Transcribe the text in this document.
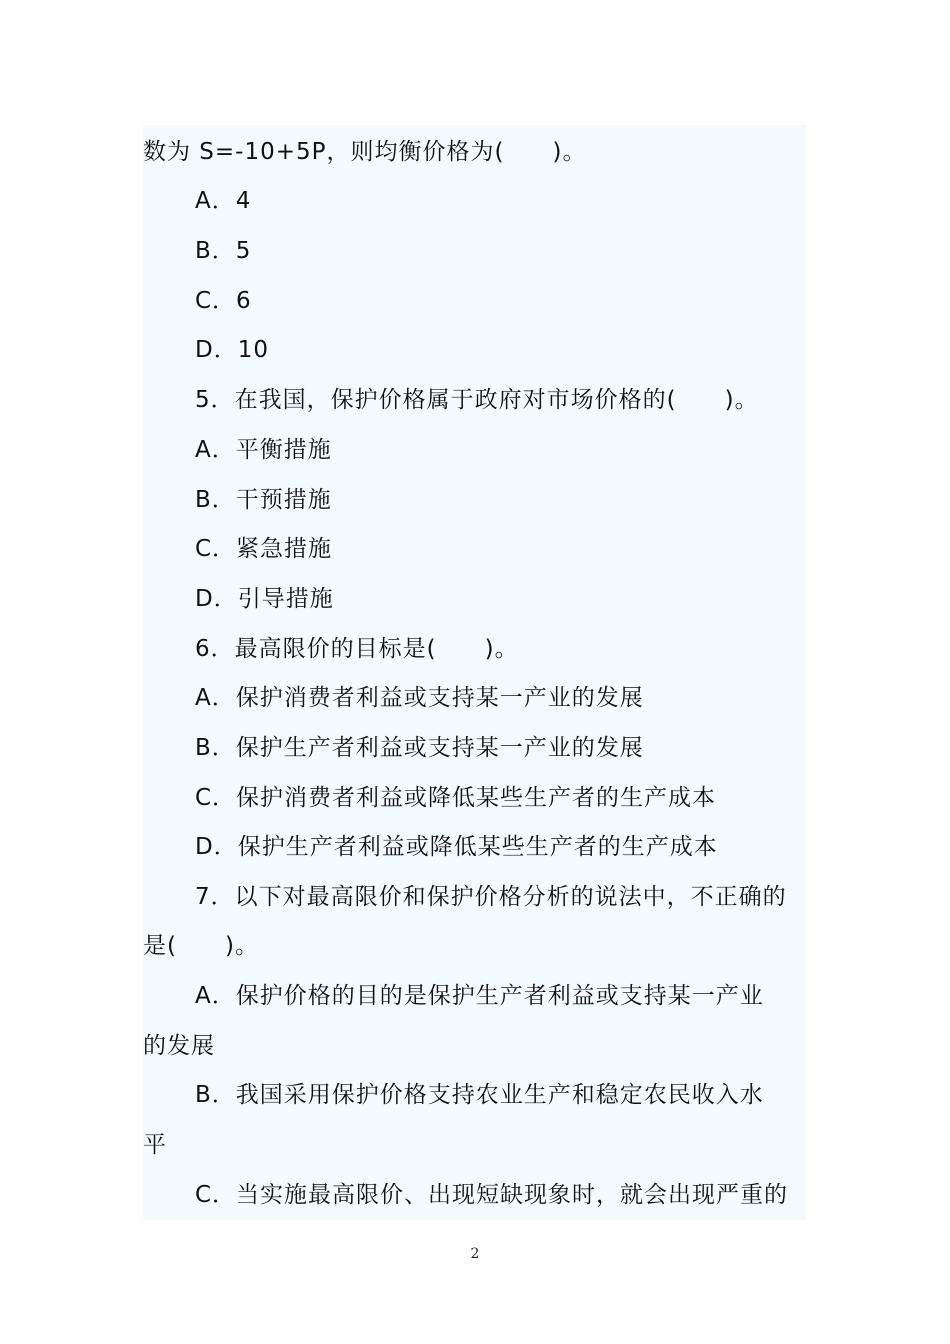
数为 S=-10+5P，则均衡价格为(　　)。
A．4
B．5
C．6
D．10
5．在我国，保护价格属于政府对市场价格的(　　)。
A．平衡措施
B．干预措施
C．紧急措施
D．引导措施
6．最高限价的目标是(　　)。
A．保护消费者利益或支持某一产业的发展
B．保护生产者利益或支持某一产业的发展
C．保护消费者利益或降低某些生产者的生产成本
D．保护生产者利益或降低某些生产者的生产成本
7．以下对最高限价和保护价格分析的说法中，不正确的
是(　　)。
A．保护价格的目的是保护生产者利益或支持某一产业
的发展
B．我国采用保护价格支持农业生产和稳定农民收入水
平
C．当实施最高限价、出现短缺现象时，就会出现严重的
2
